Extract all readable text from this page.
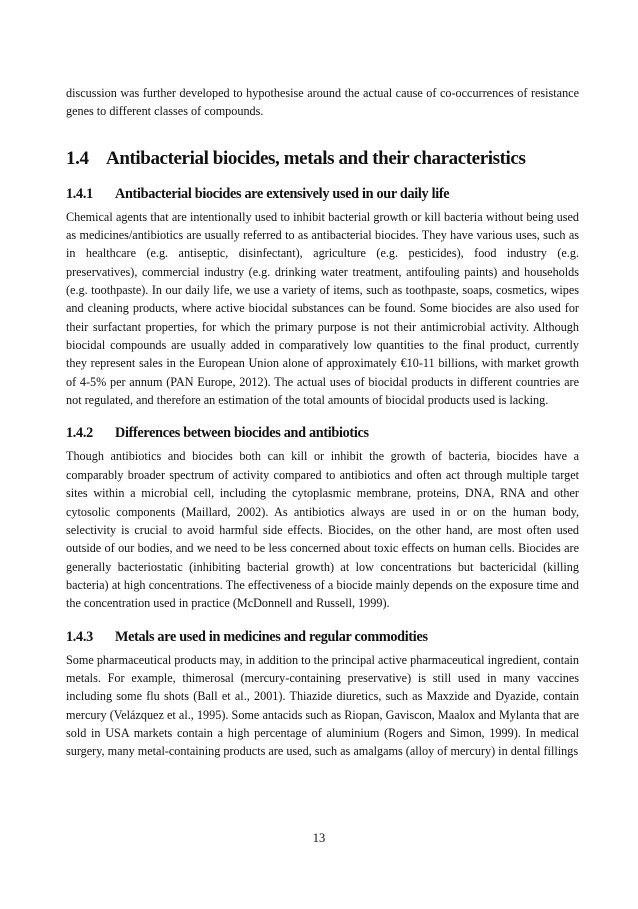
discussion was further developed to hypothesise around the actual cause of co-occurrences of resistance genes to different classes of compounds.

1.4 Antibacterial biocides, metals and their characteristics
1.4.1 Antibacterial biocides are extensively used in our daily life

Chemical agents that are intentionally used to inhibit bacterial growth or kill bacteria without being used as medicines/antibiotics are usually referred to as antibacterial biocides. They have various uses, such as in healthcare (e.g. antiseptic, disinfectant), agriculture (e.g. pesticides), food industry (e.g. preservatives), commercial industry (e.g. drinking water treatment, antifouling paints) and households (e.g. toothpaste). In our daily life, we use a variety of items, such as toothpaste, soaps, cosmetics, wipes and cleaning products, where active biocidal substances can be found. Some biocides are also used for their surfactant properties, for which the primary purpose is not their antimicrobial activity. Although biocidal compounds are usually added in comparatively low quantities to the final product, currently they represent sales in the European Union alone of approximately €10-11 billions, with market growth of 4-5% per annum (PAN Europe, 2012). The actual uses of biocidal products in different countries are not regulated, and therefore an estimation of the total amounts of biocidal products used is lacking.

1.4.2 Differences between biocides and antibiotics

Though antibiotics and biocides both can kill or inhibit the growth of bacteria, biocides have a comparably broader spectrum of activity compared to antibiotics and often act through multiple target sites within a microbial cell, including the cytoplasmic membrane, proteins, DNA, RNA and other cytosolic components (Maillard, 2002). As antibiotics always are used in or on the human body, selectivity is crucial to avoid harmful side effects. Biocides, on the other hand, are most often used outside of our bodies, and we need to be less concerned about toxic effects on human cells. Biocides are generally bacteriostatic (inhibiting bacterial growth) at low concentrations but bactericidal (killing bacteria) at high concentrations. The effectiveness of a biocide mainly depends on the exposure time and the concentration used in practice (McDonnell and Russell, 1999).

1.4.3 Metals are used in medicines and regular commodities

Some pharmaceutical products may, in addition to the principal active pharmaceutical ingredient, contain metals. For example, thimerosal (mercury-containing preservative) is still used in many vaccines including some flu shots (Ball et al., 2001). Thiazide diuretics, such as Maxzide and Dyazide, contain mercury (Velázquez et al., 1995). Some antacids such as Riopan, Gaviscon, Maalox and Mylanta that are sold in USA markets contain a high percentage of aluminium (Rogers and Simon, 1999). In medical surgery, many metal-containing products are used, such as amalgams (alloy of mercury) in dental fillings

13
